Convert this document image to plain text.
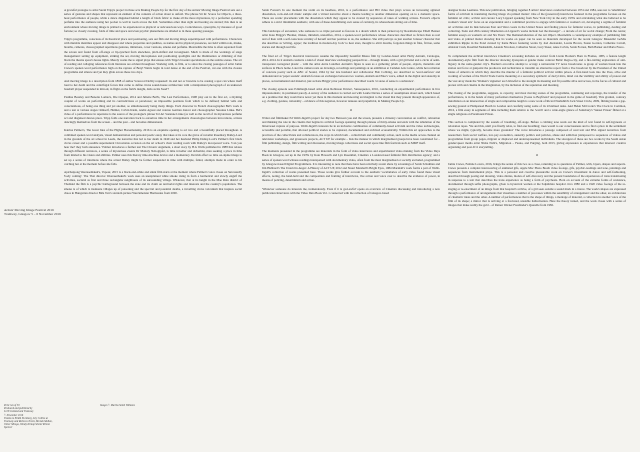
Artists' Moving Image Festival 2016 Tramway, Glasgow 5 – 6 November 2016
Print run of 50
Produced and published by
LUX Scotland and Tramway
© November 2016
Thanks to Eilidh Nurnberg, Lily Collins at
Tramway and Rebecca Travis, Brenda Mallan,
Oliver Mitoga, Wendy Kirkup Sheila Wilmot
Spencer

A graceful prologue to artist Sarah Tripp's project in three acts Making People Up for the first day of the Artists' Moving Image Festival sets out a series of gestures and shapes that represent an element of the contents of action about to unfold. The phrase Sit In: Scores for Objects, a three-hour performance of people, while a dance disguised behind a length of black fabric to make all the more mysterious, by a performer spending perfume into the audience using her pocket to well in room across the hall. Sometimes other than sight and hearing are alerted; this then is an environment where moving image is primed to be experienced as physical or subconscious ways. Coincidences, synonyms, by measure of good fortune; so closely crossing, folds of time and space and even psychic phenomena are alluded to in these opening passages.

Tripp's programme, conscious of its theatrical place and positioning, sets out film and moving image superimposed with performance. Characters with mutable identities appear and disappear and where properties and qualities, as names and in physical presences, are held within role, masks, breaths, cameras, choreographed repetitions gestures, imitations, cover versions, smoke and perfume. Meanwhile the time is often separated from the screen and found from off-stage or lip-synched from elsewhere, pitch-shifted and incongruent. Much is made of the workings of stage management: setting up equipment, striking the set, moving microphones and positioning spotlights and the illumination or dimming of that black the theatre space's house lights. Merely works the to signal plays that ensues with Tripp's broader speculations on the realms scenes. The act of reading and collaging references from literature are evident throughout. Working with, to film, or to since the closing passages of artist Jamie Crewe's spoken word performance high on the rapture of Beryl Wairis begin in total dense at the end of the Festival, cut one with the closure programme and silence and yet they glide across these two days.

And moving image is a description from 1868 of author Scarecod Dobby requested: its end not or brownie to be ceasing a spot can where itself loud to her death and the centrifugal forces that come to define circus sound-house architecture with a manipulated photograph of an unknown baseball player suspended in mid-air, in flight on the field's insight, dubs as his 'head'?

Pauline Beasley and Benoite Lomas's, Die Opaque, 2014 and Juliette Bell's, The Last Performance, 1998 play out in the first act, a rhyming couplet of works on performing and its contradictions or paradoxes; on impossible positions from which to be defined; behind veils and conscientious, of being one thing and yet another, so simultaneously being many things. Each character in French choreographer Bel's work is and a test at various stages: himself, Hamlet, Calvin Klein, André Agassi and veteran German dancer and choreographer Susanne Linke. Bel's video of a performance in repertoire is the source of the prologue's phrase Tel Art Suzanne Linke (as well as the recall of its mysterious perfume act and disguised dances piece. Tripp folds one narration back to ourselves time in her arrangements choreologies between invocations, actions dancingly themselves from the screen – and the past – and becomes dimensional.

Katrina Palmer's, The Great Idea of the Higher Horsemanship, 2016 is an exquisite opening to act two and a beautifully placed throughout. A combined spoken word analysis, visual demonstration and personal poetic essay that takes at its core the grave of novelist Rosemary Dailey-Lord in the grounds of the art school in Leeds, the narrative that led to her death in 1949 and her husband Philip Dailey-Lord's Palmer's first black circus career and a possible supernatural Cirrostratus occasion on the art school's choir reading room with Dailey's incorporeal voice. 'Can you hear me? they both announce.' Palmer introduces a further test The Chronic Argument, a short story by H.G Wells published in 1888 that relates through different narrators, a series of mysterious events Dr Moholy Nebogipfel, is time traveller and alchemist, man seeking a place in time from misled to his vision and abilities. Palmer uses this literary time-machine device and a momentary. Dervish effect so time on-alpine image to set up a series of intuitions where the actual Dailey might be former suspended in time with multiple, failed, attempts made in order to his catching her at the moment before she falls.

Apichatpong Weerasethakul's, Vapour, 2015 is a black-and-white and silent film starts at the moment where Palmer's voice closes on Sutcasually 'body coming'. The Thai director Weerasethakul's work uses an unexplained white smoke rising in from a hermetical and slowly engulf the activities, societal as first and three rectangular neighbours of its surrounding village. Whatever, that at its height in the Mae Rain district of Thailand the film is a psychic battleground between the state and its claim on territorial rights and interests and the country's population. The smoke is of which is insinuate villages up of poisoning and the spectral and potential deaths, a travelling circus volcanism that inspires social chaos in Hungarian director Béla Tarr's stardom picture Werckmeister Harmonies from 2000.

Images © Martha Smith Williams

Sarah Forrest's In one moment the swim on its headless, 2016, is a performance and HD video that plays across an increasing agitated dissolution, rock-and-roll music sample and a virtual narrative about a theatre leading to another dimension opening on to a domestic space. There are scenic placements with the dissolution which they appear to be created by sequences of takes of walking actions. Forrest's objects adhere to a strict minimalist aesthetic, with one of these destabilising own sense of certainty, its whereabouts sitting out of time.

This landscape of encounter, who someone is so triple personal as fuscous is a dream which is then picked up by Rosalindscape Eibell Bennot artist Kate Briggs's 'Bremer, illokas, mittelsm, unnotifies, 2014, a spoken-word performance whose characters described as fiction then as real and of then with a self-conscious scrutiny of herself and her position to us, the audience. She still portrays as just another 'release' character that she describes as 'writing, agape', the tradition in modern-day 'rock' to hear stars, thought to elicit dreams, forgotten things in files, fiction, some stories and through real life.

The final act of Tripp's theatrical interweave assume the impossibly beautiful Mussa film by London-based artist Holly Antrum, Catalogue, 2012–2014. In it Antrum conducts a kind of visual interview exchanging perspectives – through masks, with a girl girl kind and a circle of semi-transparent corrugated plastic – with the artist Antra Lundhal. Antrum's figure is seen as a gathering prism of people, objects, materials and surfaces in Piko's home. Later the camera rests on drawings, recordings and paintings at an exhibition at Camden Arts Centre, while her recitation of concrete poetry such as ABC of Sound, 1964 by her late husband and collaborator Bob Cobbing, are described as 'word-surfaces' and demonstrated as 'paper sounds'. Antrum focuses on exchanges between two women, Antrum and Piko's voice, edited in the digital and anatomy in places, as instrumental and material, just as Kate Briggs' prior performance described words 'at stone of sense is a substance'.

The closing episode sees Edinburgh-based artist Alan Robinson Davies', Sunsequence, 2016, conducting an experimental performance in live impressionistic, in prominent parody. A survey of the audience is carried out with Laurie Davies a series of assumptions about such, which based on a premise that they would have never yet there in this moment and knowing an imaginal to the visual that they present through appearance of, e.g. clothing, gesture, rationality – evidence of this negation, however tenuous and prejudicial, in Making People Up.

O

Writer and filmmaker Ed Webb-Ingall's project for day two Between you and the screen, presents a citizenry conversation on conflict, relaxation and thinking the role in the cinema that begins its archival footage spanning through plateau of thirty-smoke and ends with the tabulation of the bittersweet rupture of purpose. Webb-Ingall's interests lie in an inclusive combination of community-based activism and the video technologies, accessible and portable, that allowed political stories to be captured, documented and archived economically. Within this art approaches to the practices of the collectivists and collaborators, the ways in which both – collectivism and community action, such as the media access channel on television workshops, and grassroots projects, ACT UP for example – lists the manner in which marginalised groups have been constituted for – film publishing, design, film writing and discussion, moving image collections and social space like film festivals such as MMF itself.

The moments presented in the programme are materials in the form of video interviews and experimental video making from the Video Days Book in Glasgow, set up in the 1970s by Kate Haworth and Lyn Rosenthal, Cinemax a London-based feminist film distribution agency; and a series of spoken word witness readings interspersed with documentary video, often from the most marginalised or socially excluded, programmed by Glasgow-based Digital Programmers. It is interesting to note that there have been relatively recent share by screenings of Sarah Schulman and Jim Hubbard's The Untold in Anger: A History of ACT UP, 2012 and Stuart Marshall's Bright Eyes, 1984 Marshall's work forms a part of Webb-Ingall's collection of works presented here. Those works give further account to the aesthetic vocabularies of early video found these visual effects, noting, the hand-held and the composition and framing of interviews, live action and voice over to describe the evidence of power, in means of policing, determinism and action.

'Whatever someone do interests me, tremendously. Even if it is god-awful' opens an overview of Cinemax discussing and introducing a new publication Interviews with the Video Data Book Vol. 1 connected with the collection of Glasgow-based

designer Kaise Leemans. This new publication, bringing together 8 artists' interviews conducted between 1974 and 1984, sees not to 'rehabilitate' forms of activism in translating moving image via printed matter'. One of the (preserved) interviews featured in the programme focuses on the feminist art critic, activist and curator Lucy Lippard speaking from New York City in the early 1970s and articulating what she believed to be women's visual arts' focus on an experiential and a committed practice to engage with feminist or women's art, developing a regime of feminist art activities and its link between East and West coasts in the United States and finding places for feminist voices, in publishing, dealing and collecting. Stein and 20th century Manhattan on Lippard's works include Get the message? – a decade of art for social change; From the centre; feminist essays on women's art and Six Years: The Dematerialization of the Art Object. Meanwhile a contemporary example of publishing film and video at printed matter showing that its works on paper can be seen as materials developed for the recent Glasgow Museums' GoMA exhibition Ripple in the Pond curated by Katie Bruce featuring works by Joel Alexander, Lourie Brown, Susan Gordon, Catherine Carroll, Alaistair Cush, Rosalind Nashashibi, Ananda Nicolson, Catherine Street, Lucy Skaer, Anne Colvin, Sarah Forrest, Beth Barker and Maria Fusco.

To complement the archival interviews Cinemax's screening includes an extract from Lizzie Borden's Born in Flames, 1983, a feature length documentary-style film from the director showing dystopian at gender make contrast Baltic Regro-city, and a fire-rattling exploration of anti-bigotry in the same-gender city's. Borden's evocative attempt to occupy a nationwide TV news broadcaster. A group of women break into the station and force at gunpoint the producers and technicians to transmit an alternative report from a live broadcast by the President of the United States of America in which they describe the murder of a feminist political activist within prison. A first-hand look into the lives, alive and working of women of the World Trade Centre mounting at a secondary symbolic of dactyl mics, mind can the visibility and ability of protest and the vast array made the 'Women's vignettes' are Unlawful to the strength its meaning and fit possible alive and across, in the forces of cultural and protest with and cinema in the imagination, by the inclusion of the reputation and meaning.

The closing of the programme, suggests, to capacity, and most moving scenes of the programme, continuing and reportage, the transfer of the performance, is in the hands of many performers themselves ('Gone to Boyfriend' and prepared in the game of baseball). This gradual, contrary installation on an intersection of single and compromise length is a new work of Ricard Nashshibi's Jack Street Circle, 2009, filming inside a gap-sewing ground at Hampstead Heath in London and carefully using some of its trivialised tasks. And Helen McCrorie's The Clock in Common, 2016, a film essay in segments of time including them relative to the 'watch' and a wide-angle glance of Sainsbury's 'Sunset Prison' filmed at a single religious on Paramount Prison.

This section is completed by the sounds of breathing, off-stage. Before a calming tone reads out the kind of text found in self-hypnosis or relaxation tapes. 'We and this, until you finally relax, to find one breathing; trees would to our consciousness and to find a place in the settlement where we might, typically, become more grounded.' The voice introduces a passage composed of read text and BSL signed narratives from researchers from social welfare, low-pay economics, austerity politics and policies, abuse and addiction juxtaposed to sequences of videos and programmes from group pages, migrant or displaced and underrepresented individuals. The strongest of these are two works by the South Asian gender/queer media artist Nisha Nabi's, Migration – Fauna, and Purging, both 2013, giving expression to experiences that intersect creative organising and post-9/11 storytelling.

O

Jamie Crewe, Female Lovers, 2016, brings the series of this two as a close, returning us to questions of Palmer, with, layers, shapes and aspects. Crewe presents a complex interweaving of animated gifs, Apple Mac Photo Booth video footage, gifs, psychic-readings and tone, paintings and sequences from instrumental plays. This is a personal and creative pleasurable work on Crewe's investment in dance and self-fashioning, described through posing and dressing, video diaries, modes of self-discovery and the present boundaries of the experiences of trans transitioning in response to a text that describes the trans experience as being a form of psychosis. Born on account of the extreme forms of resistance, documented through selfie photographs, given to hysterical women at the Salpêtrière hospital circa 1880 and a 1920 video footage of the re-staging or re-enactment of an image from that hospital's archive, of a girl seen outside a sound mark in a trance. The work's shapes are expressed through a performance of arrangements that visualises a number of processes within the sensibility of arrangement: and the other, an architecture of cinematic ideas and the other. A number of performances that is the shape of things, a montage of material, a collection in another voice of the film of its shape; a mirror that is arriving at a fractured, unstable hallucination. Here the theory turned, and the work closes with a series of images that make reality the gold – of Rainer Werner Fassbinder's Querelle from 1982.
